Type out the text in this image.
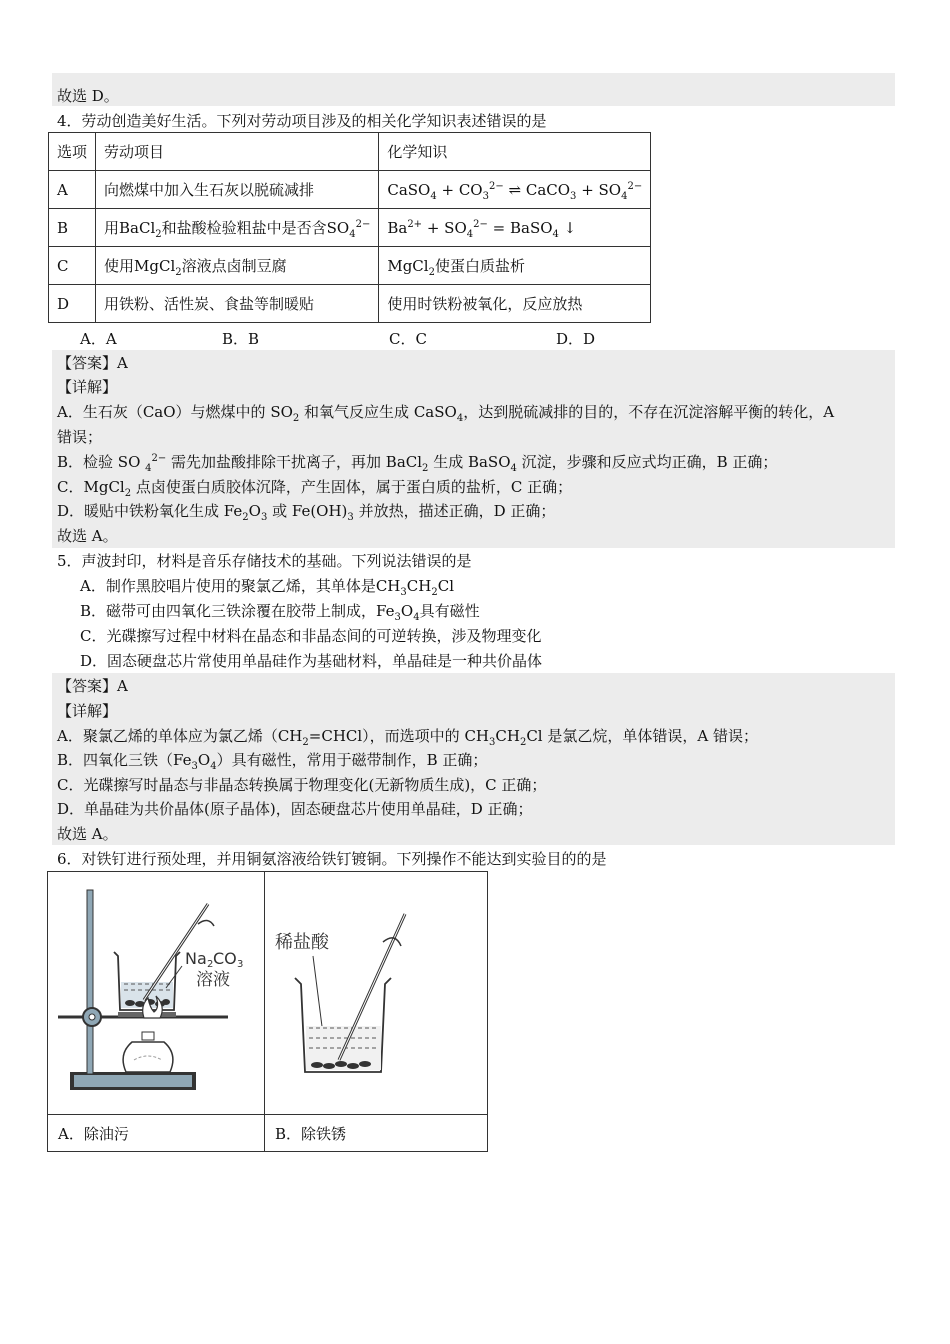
故选 D。
4．劳动创造美好生活。下列对劳动项目涉及的相关化学知识表述错误的是
选项	劳动项目	化学知识
A	向燃煤中加入生石灰以脱硫减排	CaSO$_4$ + $CO_3^{2-}$ ⇌ CaCO$_3$ + $SO_4^{2-}$
B	用BaCl$_2$和盐酸检验粗盐中是否含$SO_4^{2-}$	$Ba^{2+} + SO_4^{2-}$ = BaSO$_4$ ↓
C	使用MgCl$_2$溶液点卤制豆腐	MgCl$_2$使蛋白质盐析
D	用铁粉、活性炭、食盐等制暖贴	使用时铁粉被氧化，反应放热
A．A	B．B	C．C	D．D
【答案】A
【详解】
A．生石灰（CaO）与燃煤中的 $SO_2$ 和氧气反应生成 CaSO$_4$，达到脱硫减排的目的，不存在沉淀溶解平衡的转化，A
错误；
B．检验 SO $_4^{2-}$ 需先加盐酸排除干扰离子，再加 BaCl$_2$ 生成 BaSO$_4$ 沉淀，步骤和反应式均正确，B 正确；
C．MgCl$_2$ 点卤使蛋白质胶体沉降，产生固体，属于蛋白质的盐析，C 正确；
D．暖贴中铁粉氧化生成 $Fe_2O_3$ 或 $Fe(OH)_3$ 并放热，描述正确，D 正确；
故选 A。
5．声波封印，材料是音乐存储技术的基础。下列说法错误的是
A．制作黑胶唱片使用的聚氯乙烯，其单体是$CH_3CH_2Cl$
B．磁带可由四氧化三铁涂覆在胶带上制成，$Fe_3O_4$具有磁性
C．光碟擦写过程中材料在晶态和非晶态间的可逆转换，涉及物理变化
D．固态硬盘芯片常使用单晶硅作为基础材料，单晶硅是一种共价晶体
【答案】A
【详解】
A．聚氯乙烯的单体应为氯乙烯$(CH_2=CHCl)$，而选项中的 $CH_3CH_2Cl$ 是氯乙烷，单体错误，A 错误；
B．四氧化三铁$(Fe_3O_4)$具有磁性，常用于磁带制作，B 正确；
C．光碟擦写时晶态与非晶态转换属于物理变化(无新物质生成)，C 正确；
D．单晶硅为共价晶体(原子晶体)，固态硬盘芯片使用单晶硅，D 正确；
故选 A。
6．对铁钉进行预处理，并用铜氨溶液给铁钉镀铜。下列操作不能达到实验目的的是
Na 2 CO 3
溶液	稀盐酸

A．除油污	B．除铁锈
